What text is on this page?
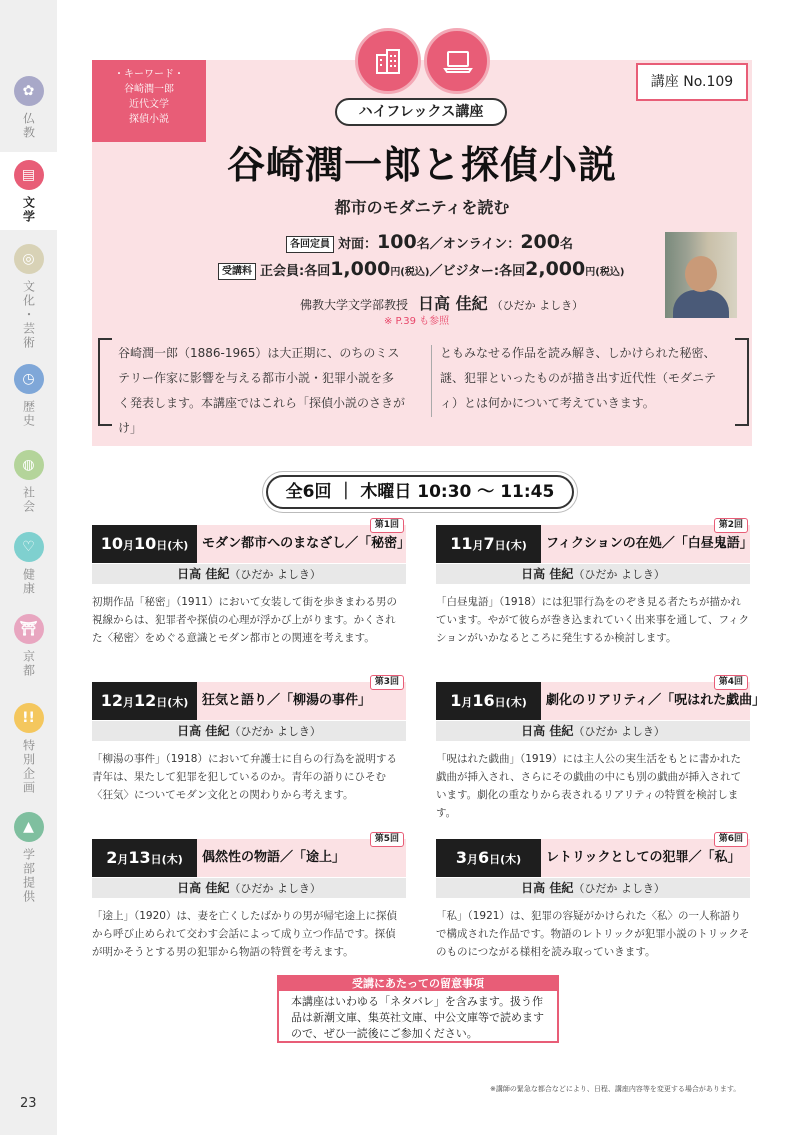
✿
仏教
▤
文学
◎
文化・芸術
◷
歴史
◍
社会
♡
健康
⛩
京都
!!
特別企画
▲
学部提供
23
・キーワード・
谷崎潤一郎
近代文学
探偵小説
講座 No.109
ハイフレックス講座
谷崎潤一郎と探偵小説
都市のモダニティを読む
各回定員 対面：100名／オンライン：200名
受講料 正会員:各回1,000円(税込)／ビジター:各回2,000円(税込)
佛教大学文学部教授 日高 佳紀 （ひだか よしき）
※ P.39 も参照
谷崎潤一郎（1886-1965）は大正期に、のちのミステリー作家に影響を与える都市小説・犯罪小説を多く発表します。本講座ではこれら「探偵小説のさきがけ」
ともみなせる作品を読み解き、しかけられた秘密、謎、犯罪といったものが描き出す近代性（モダニティ）とは何かについて考えていきます。
全6回 ｜ 木曜日 10:30 ～ 11:45
10月10日(木)	モダン都市へのまなざし／「秘密」
第1回
日高 佳紀（ひだか よしき）
初期作品「秘密」（1911）において女装して街を歩きまわる男の視線からは、犯罪者や探偵の心理が浮かび上がります。かくされた〈秘密〉をめぐる意識とモダン都市との関連を考えます。
11月7日(木)	フィクションの在処／「白昼鬼語」
第2回
日高 佳紀（ひだか よしき）
「白昼鬼語」（1918）には犯罪行為をのぞき見る者たちが描かれています。やがて彼らが巻き込まれていく出来事を通して、フィクションがいかなるところに発生するか検討します。
12月12日(木)	狂気と語り／「柳湯の事件」
第3回
日高 佳紀（ひだか よしき）
「柳湯の事件」（1918）において弁護士に自らの行為を説明する青年は、果たして犯罪を犯しているのか。青年の語りにひそむ〈狂気〉についてモダン文化との関わりから考えます。
1月16日(木)	劇化のリアリティ／「呪はれた戯曲」
第4回
日高 佳紀（ひだか よしき）
「呪はれた戯曲」（1919）には主人公の実生活をもとに書かれた戯曲が挿入され、さらにその戯曲の中にも別の戯曲が挿入されています。劇化の重なりから表されるリアリティの特質を検討します。
2月13日(木)	偶然性の物語／「途上」
第5回
日高 佳紀（ひだか よしき）
「途上」（1920）は、妻を亡くしたばかりの男が帰宅途上に探偵から呼び止められて交わす会話によって成り立つ作品です。探偵が明かそうとする男の犯罪から物語の特質を考えます。
3月6日(木)	レトリックとしての犯罪／「私」
第6回
日高 佳紀（ひだか よしき）
「私」（1921）は、犯罪の容疑がかけられた〈私〉の一人称語りで構成された作品です。物語のレトリックが犯罪小説のトリックそのものにつながる様相を読み取っていきます。
受講にあたっての留意事項
本講座はいわゆる「ネタバレ」を含みます。扱う作品は新潮文庫、集英社文庫、中公文庫等で読めますので、ぜひ一読後にご参加ください。
※講師の緊急な都合などにより、日程、講座内容等を変更する場合があります。
